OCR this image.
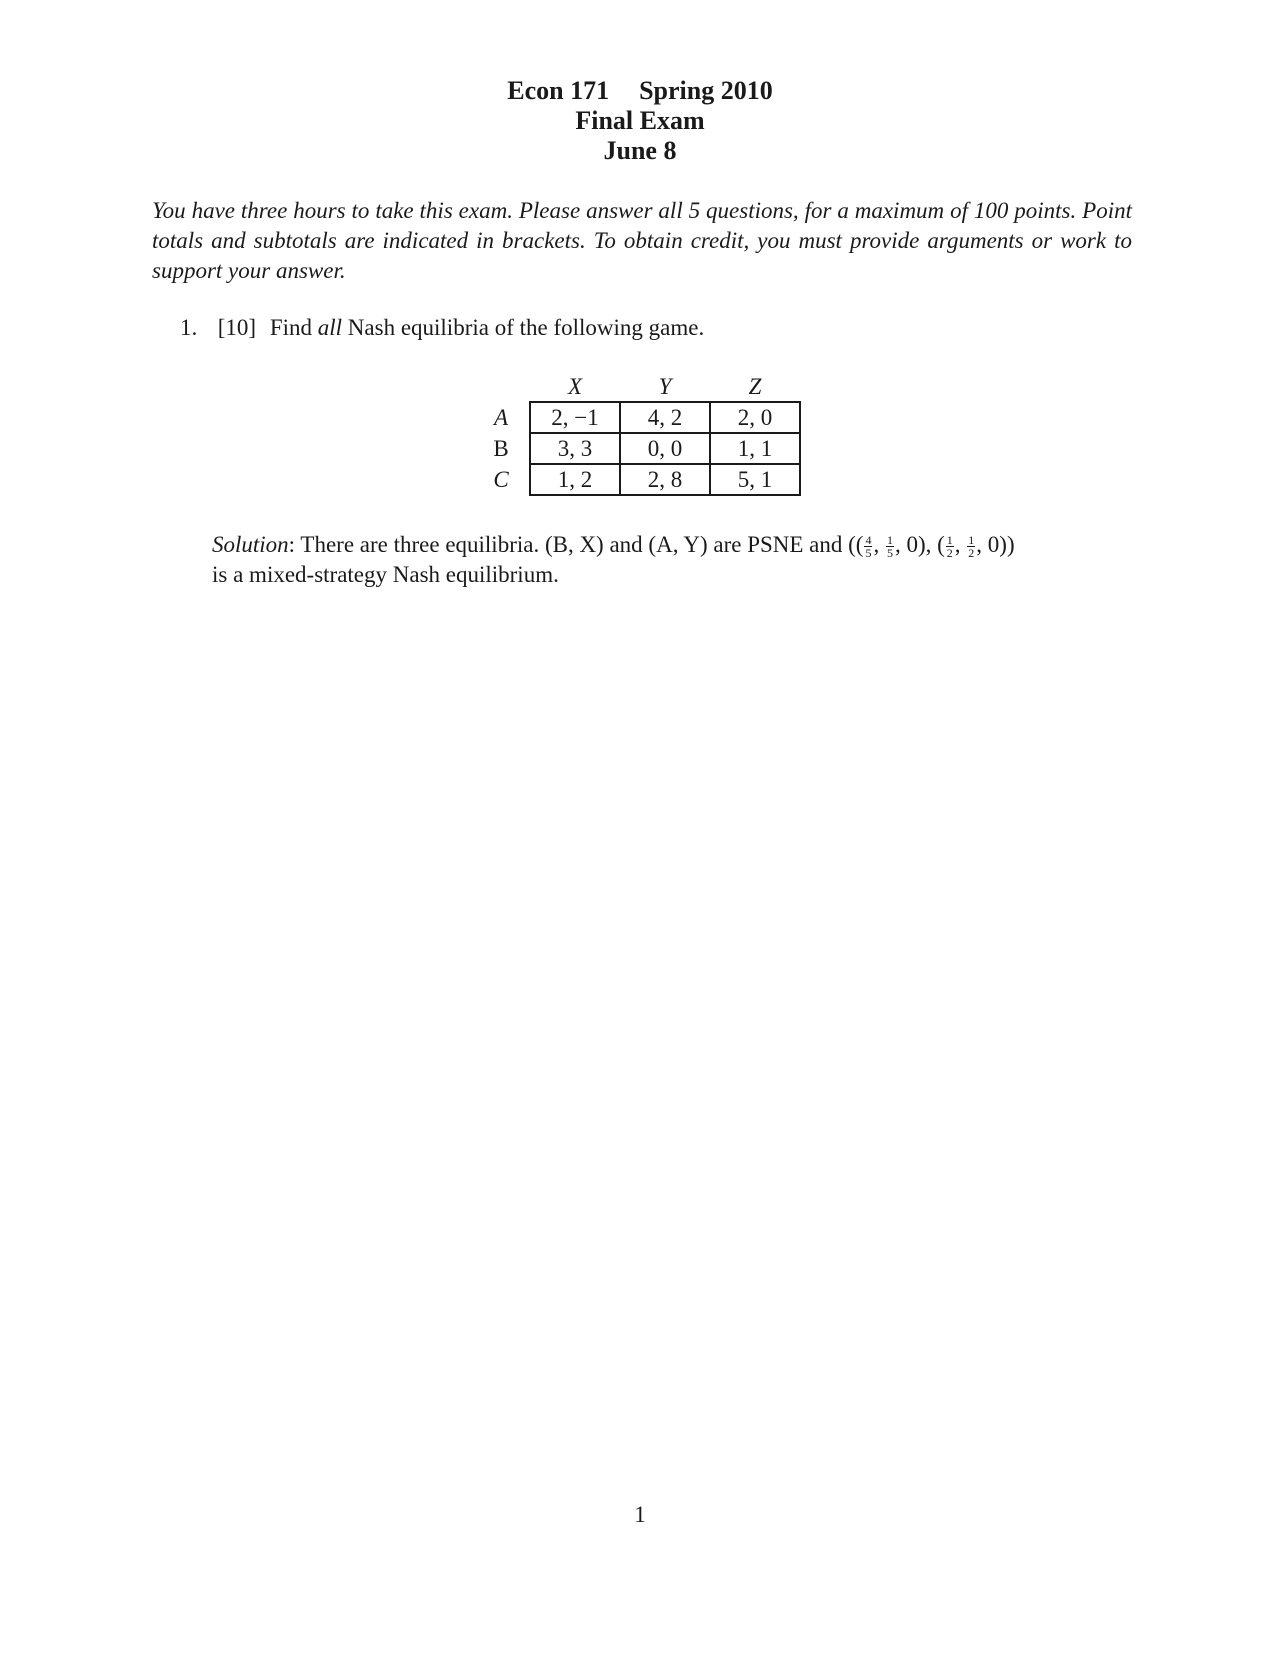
Econ 171 Spring 2010
Final Exam
June 8
You have three hours to take this exam. Please answer all 5 questions, for a maximum of 100 points. Point totals and subtotals are indicated in brackets. To obtain credit, you must provide arguments or work to support your answer.
1. [10] Find all Nash equilibria of the following game.
	X	Y	Z
A	2, −1	4, 2	2, 0
B	3, 3	0, 0	1, 1
C	1, 2	2, 8	5, 1
Solution: There are three equilibria. (B, X) and (A, Y) are PSNE and (( $\frac{4}{5}$ , $\frac{1}{5}$ , 0), ( $\frac{1}{2}$ , $\frac{1}{2}$ , 0))
is a mixed-strategy Nash equilibrium.
1
